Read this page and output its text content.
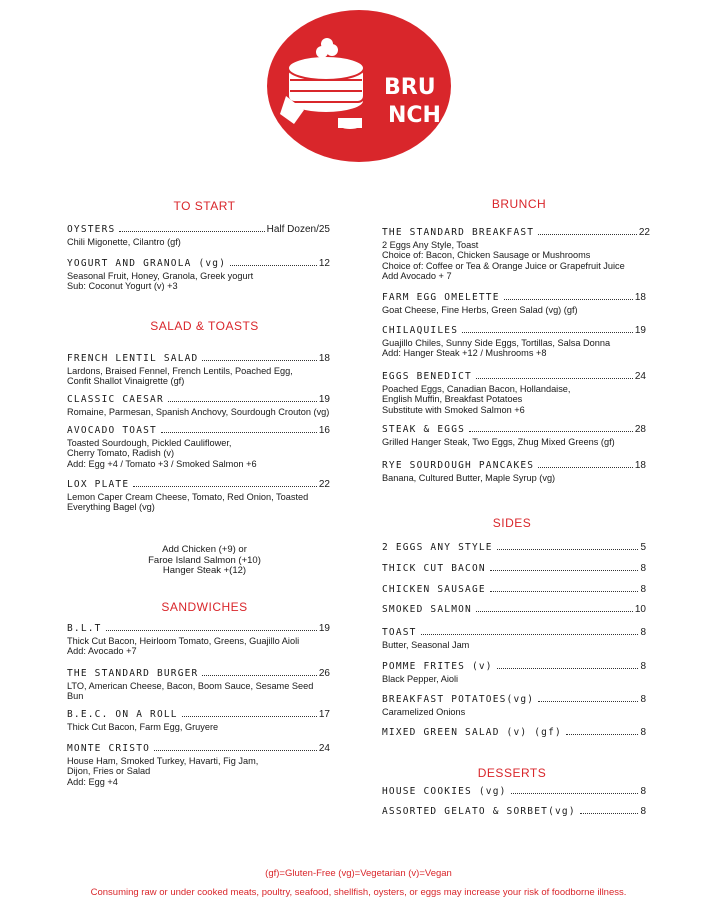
BRU
NCH
TO START
OYSTERS	Half Dozen/25
Chili Migonette, Cilantro (gf)
YOGURT AND GRANOLA (vg)	12
Seasonal Fruit, Honey, Granola, Greek yogurt
Sub: Coconut Yogurt (v) +3
SALAD & TOASTS
FRENCH LENTIL SALAD	18
Lardons, Braised Fennel, French Lentils, Poached Egg,
Confit Shallot Vinaigrette (gf)
CLASSIC CAESAR	19
Romaine, Parmesan, Spanish Anchovy, Sourdough Crouton (vg)
AVOCADO TOAST	16
Toasted Sourdough, Pickled Cauliflower,
Cherry Tomato, Radish (v)
Add: Egg +4 / Tomato +3 / Smoked Salmon +6
LOX PLATE	22
Lemon Caper Cream Cheese, Tomato, Red Onion, Toasted
Everything Bagel (vg)
Add Chicken (+9) or
Faroe Island Salmon (+10)
Hanger Steak +(12)
SANDWICHES
B.L.T	19
Thick Cut Bacon, Heirloom Tomato, Greens, Guajillo Aioli
Add: Avocado +7
THE STANDARD BURGER	26
LTO, American Cheese, Bacon, Boom Sauce, Sesame Seed
Bun
B.E.C. ON A ROLL	17
Thick Cut Bacon, Farm Egg, Gruyere
MONTE CRISTO	24
House Ham, Smoked Turkey, Havarti, Fig Jam,
Dijon, Fries or Salad
Add: Egg +4
BRUNCH
THE STANDARD BREAKFAST	22
2 Eggs Any Style, Toast
Choice of: Bacon, Chicken Sausage or Mushrooms
Choice of: Coffee or Tea & Orange Juice or Grapefruit Juice
Add Avocado + 7
FARM EGG OMELETTE	18
Goat Cheese, Fine Herbs, Green Salad (vg) (gf)
CHILAQUILES	19
Guajillo Chiles, Sunny Side Eggs, Tortillas, Salsa Donna
Add: Hanger Steak +12 / Mushrooms +8
EGGS BENEDICT	24
Poached Eggs, Canadian Bacon, Hollandaise,
English Muffin, Breakfast Potatoes
Substitute with Smoked Salmon +6
STEAK & EGGS	28
Grilled Hanger Steak, Two Eggs, Zhug Mixed Greens (gf)
RYE SOURDOUGH PANCAKES	18
Banana, Cultured Butter, Maple Syrup (vg)
SIDES
2 EGGS ANY STYLE	5
THICK CUT BACON	8
CHICKEN SAUSAGE	8
SMOKED SALMON	10
TOAST	8
Butter, Seasonal Jam
POMME FRITES (v)	8
Black Pepper, Aioli
BREAKFAST POTATOES(vg)	8
Caramelized Onions
MIXED GREEN SALAD (v) (gf)	8
DESSERTS
HOUSE COOKIES (vg)	8
ASSORTED GELATO & SORBET(vg)	8
(gf)=Gluten-Free (vg)=Vegetarian (v)=Vegan
Consuming raw or under cooked meats, poultry, seafood, shellfish, oysters, or eggs may increase your risk of foodborne illness.
